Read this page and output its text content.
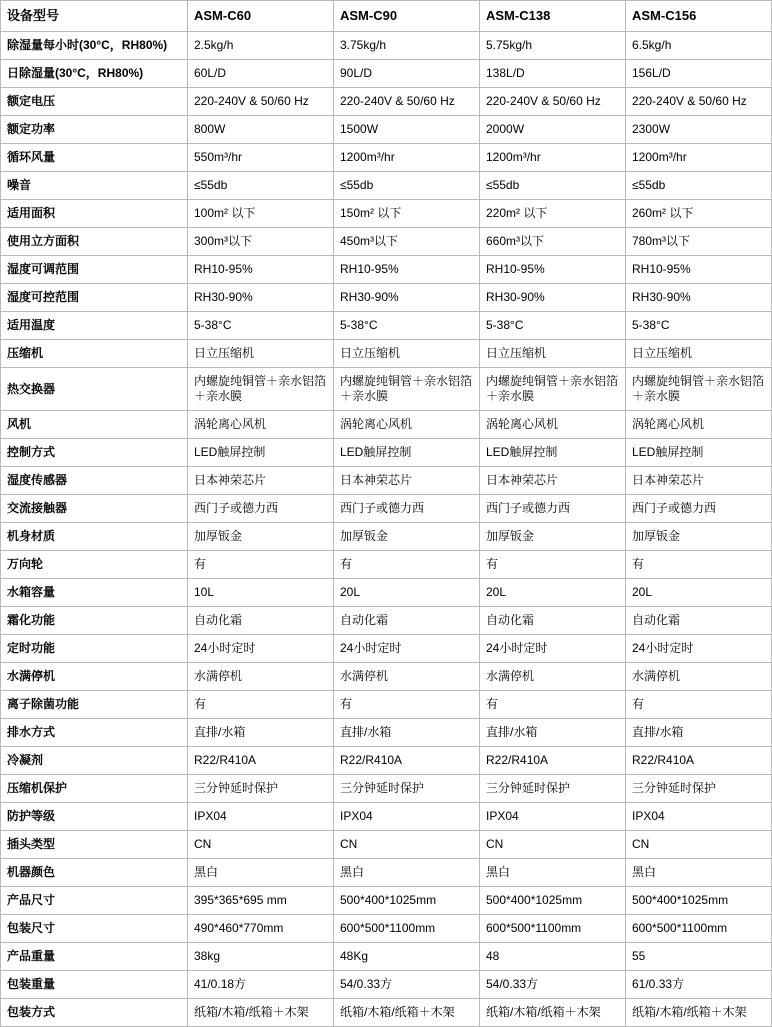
设备型号	ASM-C60	ASM-C90	ASM-C138	ASM-C156
除湿量每小时(30°C，RH80%)	2.5kg/h	3.75kg/h	5.75kg/h	6.5kg/h
日除湿量(30°C，RH80%)	60L/D	90L/D	138L/D	156L/D
额定电压	220-240V & 50/60 Hz	220-240V & 50/60 Hz	220-240V & 50/60 Hz	220-240V & 50/60 Hz
额定功率	800W	1500W	2000W	2300W
循环风量	550m³/hr	1200m³/hr	1200m³/hr	1200m³/hr
噪音	≤55db	≤55db	≤55db	≤55db
适用面积	100m² 以下	150m² 以下	220m² 以下	260m² 以下
使用立方面积	300m³以下	450m³以下	660m³以下	780m³以下
湿度可调范围	RH10-95%	RH10-95%	RH10-95%	RH10-95%
湿度可控范围	RH30-90%	RH30-90%	RH30-90%	RH30-90%
适用温度	5-38°C	5-38°C	5-38°C	5-38°C
压缩机	日立压缩机	日立压缩机	日立压缩机	日立压缩机
热交换器	内螺旋纯铜管＋亲水铝箔＋亲水膜	内螺旋纯铜管＋亲水铝箔＋亲水膜	内螺旋纯铜管＋亲水铝箔＋亲水膜	内螺旋纯铜管＋亲水铝箔＋亲水膜
风机	涡轮离心风机	涡轮离心风机	涡轮离心风机	涡轮离心风机
控制方式	LED触屏控制	LED触屏控制	LED触屏控制	LED触屏控制
湿度传感器	日本神荣芯片	日本神荣芯片	日本神荣芯片	日本神荣芯片
交流接触器	西门子或德力西	西门子或德力西	西门子或德力西	西门子或德力西
机身材质	加厚钣金	加厚钣金	加厚钣金	加厚钣金
万向轮	有	有	有	有
水箱容量	10L	20L	20L	20L
霜化功能	自动化霜	自动化霜	自动化霜	自动化霜
定时功能	24小时定时	24小时定时	24小时定时	24小时定时
水满停机	水满停机	水满停机	水满停机	水满停机
离子除菌功能	有	有	有	有
排水方式	直排/水箱	直排/水箱	直排/水箱	直排/水箱
冷凝剂	R22/R410A	R22/R410A	R22/R410A	R22/R410A
压缩机保护	三分钟延时保护	三分钟延时保护	三分钟延时保护	三分钟延时保护
防护等级	IPX04	IPX04	IPX04	IPX04
插头类型	CN	CN	CN	CN
机器颜色	黑白	黑白	黑白	黑白
产品尺寸	395*365*695 mm	500*400*1025mm	500*400*1025mm	500*400*1025mm
包装尺寸	490*460*770mm	600*500*1100mm	600*500*1100mm	600*500*1100mm
产品重量	38kg	48Kg	48	55
包装重量	41/0.18方	54/0.33方	54/0.33方	61/0.33方
包装方式	纸箱/木箱/纸箱＋木架	纸箱/木箱/纸箱＋木架	纸箱/木箱/纸箱＋木架	纸箱/木箱/纸箱＋木架
